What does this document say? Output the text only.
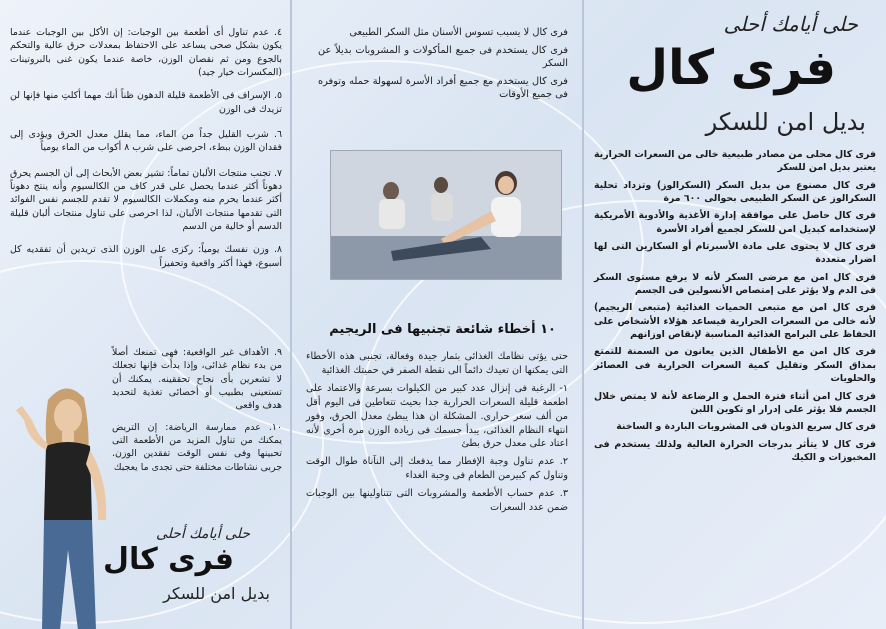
حلى أيامك أحلى
فرى كال
بديل امن للسكر

فرى كال محلى من مصادر طبيعية خالى من السعرات الحرارية يعتبر بديل امن للسكر

فرى كال مصنوع من بديل السكر (السكرالوز) وتزداد تحلية السكرالوز عن السكر الطبيعى بحوالى ٦٠٠ مرة

فرى كال حاصل على موافقة إدارة الأغذية والأدوية الأمريكية لإستخدامه كبديل امن للسكر لجميع أفراد الأسرة

فرى كال لا يحتوى على مادة الأسبرتام أو السكارين التى لها اضرار متعددة

فرى كال امن مع مرضى السكر لأنه لا يرفع مستوى السكر فى الدم ولا يؤثر على إمتصاص الأنسولين فى الجسم

فرى كال امن مع متبعى الحميات الغذائية (متبعى الريجيم) لأنه خالى من السعرات الحرارية فيساعد هؤلاء الأشخاص على الحفاظ على البرامج الغذائية المناسبة لإنقاص اوزانهم

فرى كال امن مع الأطفال الذين يعانون من السمنة للتمتع بمذاق السكر وتقليل كمية السعرات الحرارية فى العصائر والحلويات

فرى كال امن أثناء فترة الحمل و الرضاعة لأنة لا يمتص خلال الجسم فلا يؤثر على إدرار او تكوين اللبن

فرى كال سريع الذوبان فى المشروبات الباردة و الساخنة

فرى كال لا يتأثر بدرجات الحرارة العالية ولذلك يستخدم فى المخبوزات و الكيك

فرى كال لا يسبب تسوس الأسنان مثل السكر الطبيعى

فرى كال يستخدم فى جميع المأكولات و المشروبات بديلاً عن السكر

فرى كال يستخدم مع جميع أفراد الأسرة لسهولة حمله وتوفره فى جميع الأوقات

١٠ أخطاء شائعة تجنبيها فى الريجيم

حتى يؤتى نظامك الغذائى بثمار جيدة وفعالة، تجنبى هذه الأخطاء التى يمكنها ان تعيدك دائماً الى نقطة الصفر في حميتك الغذائية

١- الرغبة فى إنزال عدد كبير من الكيلوات بسرعة والاعتماد على اطعمة قليلة السعرات الحرارية جدا بحيث تتعاطين فى اليوم أقل من ألف سعر حرارى. المشكلة ان هذا يبطئ معدل الحرق، وفور انتهاء النظام الغذائى، يبدأ جسمك فى زيادة الوزن مرة أخرى لأنه اعتاد على معدل حرق بطئ

٢. عدم تناول وجبة الإفطار مما يدفعك إلى النآناة طوال الوقت وتناول كم كبيرمن الطعام فى وجبة الغداء

٣. عدم حساب الأطعمة والمشروبات التى تتناولينها بين الوجبات ضمن عدد السعرات

٤. عدم تناول أى أطعمة بين الوجبات: إن الأكل بين الوجبات عندما يكون بشكل صحى يساعد على الاحتفاظ بمعدلات حرق عالية والتحكم بالجوع ومن ثم نقصان الوزن، خاصة عندما يكون غنى بالبروتينات (المكسرات خيار جيد)

٥. الإسراف فى الأطعمة قليلة الدهون ظناً أنك مهما أكلتِ منها فإنها لن تزيدك فى الوزن

٦. شرب القليل جداً من الماء، مما يقلل معدل الحرق ويؤدى إلى فقدان الوزن ببطء، احرصى على شرب ٨ أكواب من الماء يومياً

٧. تجنب منتجات الألبان تماماً: تشير بعض الأبحاث إلى أن الجسم يحرق دهوناً أكثر عندما يحصل على قدر كاف من الكالسيوم وأنه ينتج دهوناً أكثر عندما يحرم منه ومكملات الكالسيوم لا تقدم للجسم نفس الفوائد التى تقدمها منتجات الألبان، لذا احرصى على تناول منتجات ألبان قليلة الدسم أو خالية من الدسم

٨. وزن نفسك يومياً: ركزى على الوزن الذى تريدين أن تفقديه كل أسبوع، فهذا أكثر واقعية وتحفيزاً

٩. الأهداف غير الواقعية: فهى تمنعك أصلاً من بدء نظام غذائى، وإذا بدأت فإنها تجعلك لا تشعرين بأى نجاح تحققينه. يمكنك أن تستعينى بطبيب أو أخصائى تغذية لتحديد هدف واقعى

١٠. عدم ممارسة الرياضة: إن التريض يمكنك من تناول المزيد من الأطعمة التى تحبينها وفى نفس الوقت تفقدين الوزن. جربى نشاطات مختلفة حتى تجدى ما يعجبك

حلى أيامك أحلى
فرى كال
بديل امن للسكر
